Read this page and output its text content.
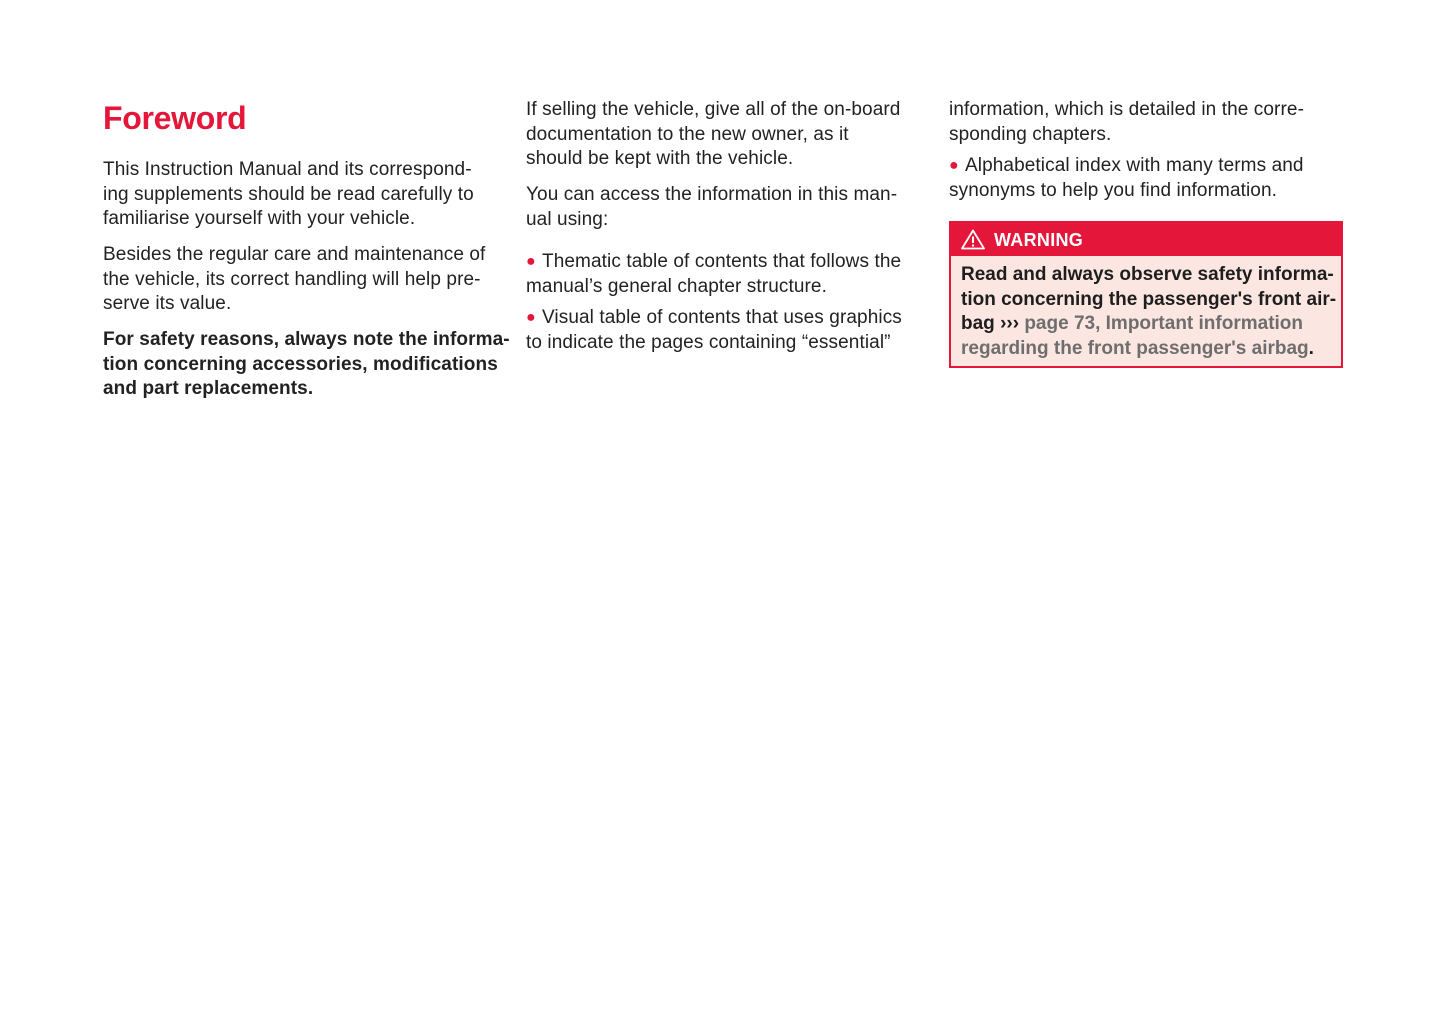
Foreword

This Instruction Manual and its correspond-
ing supplements should be read carefully to
familiarise yourself with your vehicle.

Besides the regular care and maintenance of
the vehicle, its correct handling will help pre-
serve its value.

For safety reasons, always note the informa-
tion concerning accessories, modifications
and part replacements.

If selling the vehicle, give all of the on-board
documentation to the new owner, as it
should be kept with the vehicle.

You can access the information in this man-
ual using:

● Thematic table of contents that follows the
manual’s general chapter structure.

● Visual table of contents that uses graphics
to indicate the pages containing “essential”

information, which is detailed in the corre-
sponding chapters.

● Alphabetical index with many terms and
synonyms to help you find information.

WARNING
Read and always observe safety informa-
tion concerning the passenger's front air-
bag ››› page 73, Important information
regarding the front passenger's airbag.
